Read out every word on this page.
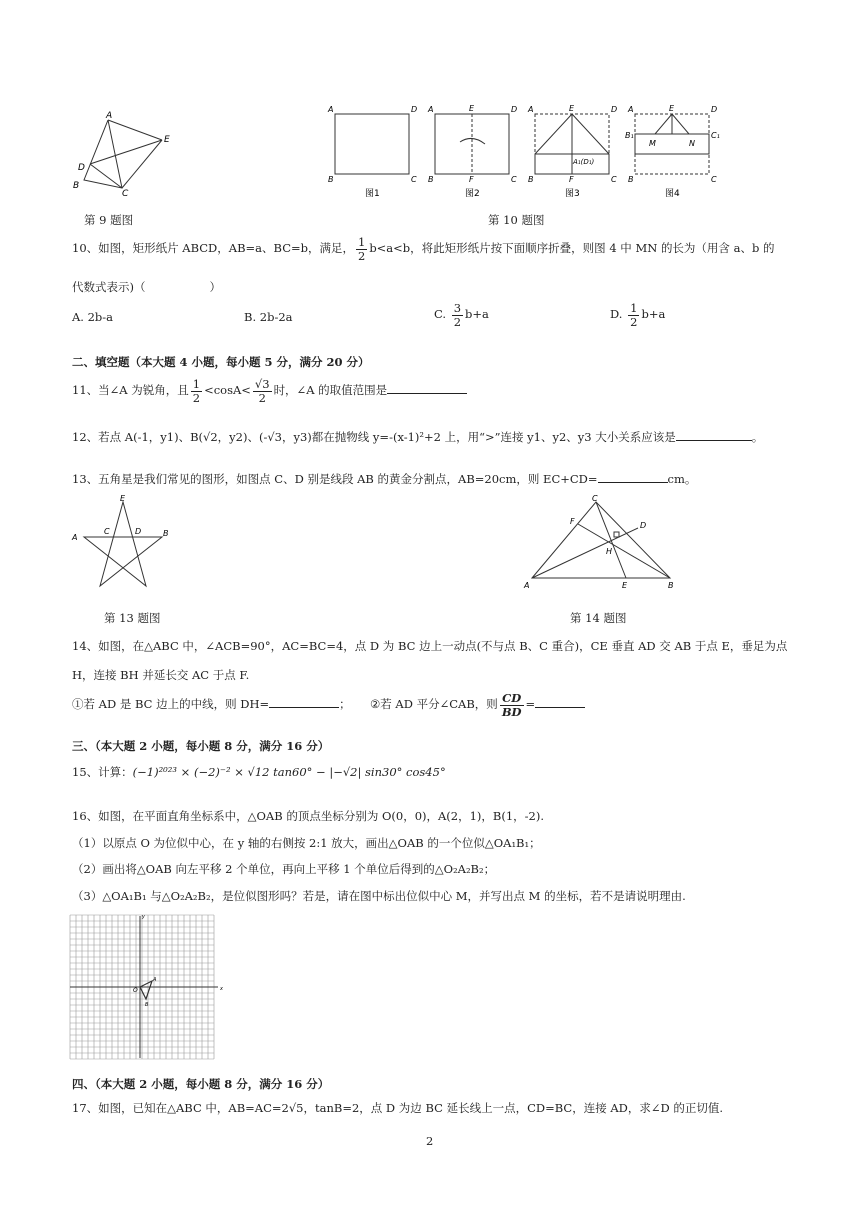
A
E
D
B
C
A	D
B	C
A	E	D
B	F	C
A	E	D
A₁(D₁)
B	F	C
A	E	D
B₁	C₁
M	N
B	C
图1	图2	图3	图4
第 9 题图	第 10 题图
10、如图，矩形纸片 ABCD，AB=a、BC=b，满足， $\frac{1}{2} b<a<b$，将此矩形纸片按下面顺序折叠，则图 4 中 MN 的长为（用含 a、b 的
代数式表示)（	）
A. 2b-a	B. 2b-2a	C. $\frac{3}{2} b+a$	D. $\frac{1}{2} b+a$
二、填空题（本大题 4 小题，每小题 5 分，满分 20 分）
11、当∠A 为锐角，且 $\frac{1}{2} <\cos A< \frac{√3}{2}$ 时，∠A 的取值范围是
12、若点 A(-1，y1)、B(√2，y2)、(-√3，y3)都在抛物线 y=-(x-1)²+2 上，用“>”连接 y1、y2、y3 大小关系应该是	。
13、五角星是我们常见的图形，如图点 C、D 别是线段 AB 的黄金分割点，AB=20cm，则 EC+CD=	cm。
E
A	B
C	D
C
F	D
H
A	E	B
第 13 题图	第 14 题图
14、如图，在△ABC 中，∠ACB=90°，AC=BC=4，点 D 为 BC 边上一动点(不与点 B、C 重合)，CE 垂直 AD 交 AB 于点 E，垂足为点
H，连接 BH 并延长交 AC 于点 F.
①若 AD 是 BC 边上的中线，则 DH=	； ②若 AD 平分∠CAB，则 $\frac{CD}{BD}$ =
三、（本大题 2 小题，每小题 8 分，满分 16 分）
15、计算：(−1)²⁰²³ × (−2)⁻² × √12 tan60° − |−√2| sin30° cos45°
16、如图，在平面直角坐标系中，△OAB 的顶点坐标分别为 O(0，0)，A(2，1)，B(1，-2).
（1）以原点 O 为位似中心，在 y 轴的右侧按 2:1 放大，画出△OAB 的一个位似△OA₁B₁；
（2）画出将△OAB 向左平移 2 个单位，再向上平移 1 个单位后得到的△O₂A₂B₂；
（3）△OA₁B₁ 与△O₂A₂B₂，是位似图形吗？若是，请在图中标出位似中心 M，并写出点 M 的坐标，若不是请说明理由.
O
A
B
x
y
四、（本大题 2 小题，每小题 8 分，满分 16 分）
17、如图，已知在△ABC 中，AB=AC=2√5，tanB=2，点 D 为边 BC 延长线上一点，CD=BC，连接 AD，求∠D 的正切值.
2
